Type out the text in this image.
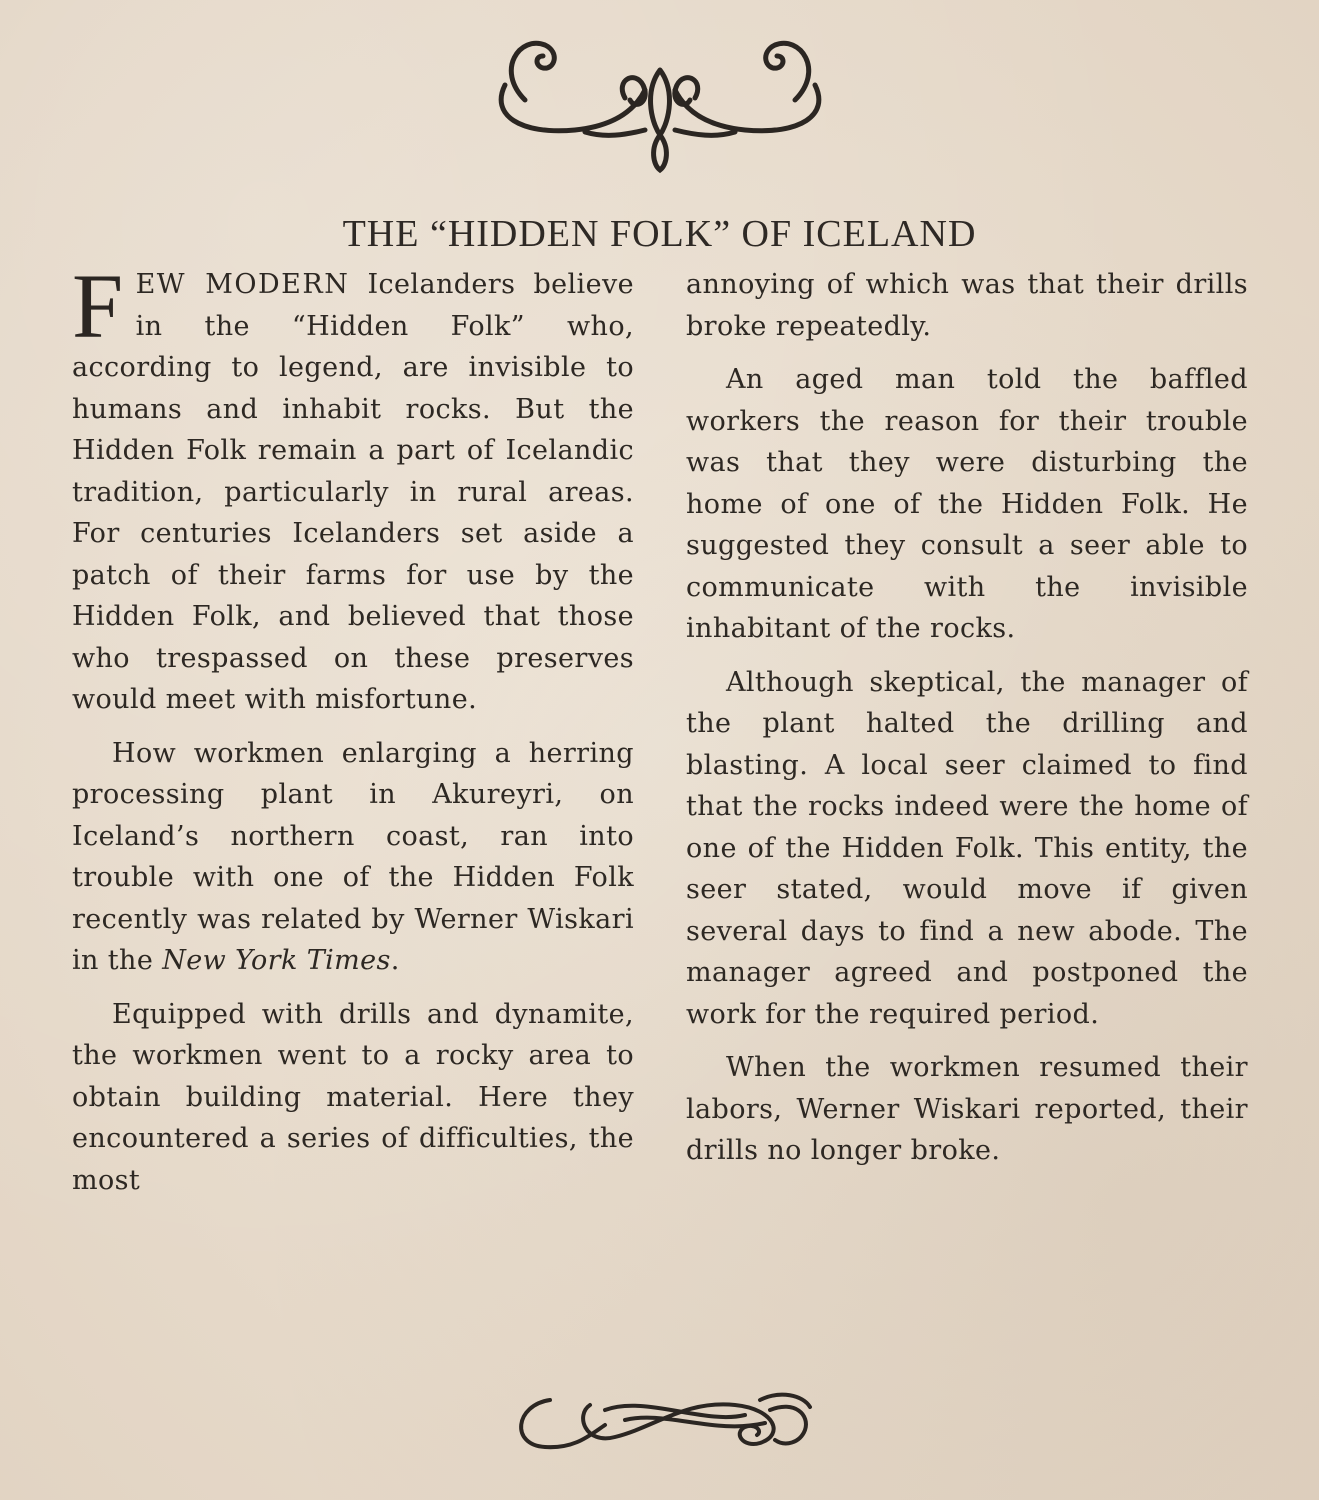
THE “HIDDEN FOLK” OF ICELAND

FEW MODERN Icelanders believe in the “Hidden Folk” who, according to legend, are invisible to humans and inhabit rocks. But the Hidden Folk remain a part of Icelandic tradition, particularly in rural areas. For centuries Icelanders set aside a patch of their farms for use by the Hidden Folk, and believed that those who trespassed on these preserves would meet with misfortune.

How workmen enlarging a herring processing plant in Akureyri, on Iceland’s northern coast, ran into trouble with one of the Hidden Folk recently was related by Werner Wiskari in the New York Times.

Equipped with drills and dynamite, the workmen went to a rocky area to obtain building material. Here they encountered a series of difficulties, the most

annoying of which was that their drills broke repeatedly.

An aged man told the baffled workers the reason for their trouble was that they were disturbing the home of one of the Hidden Folk. He suggested they consult a seer able to communicate with the invisible inhabitant of the rocks.

Although skeptical, the manager of the plant halted the drilling and blasting. A local seer claimed to find that the rocks indeed were the home of one of the Hidden Folk. This entity, the seer stated, would move if given several days to find a new abode. The manager agreed and postponed the work for the required period.

When the workmen resumed their labors, Werner Wiskari reported, their drills no longer broke.
